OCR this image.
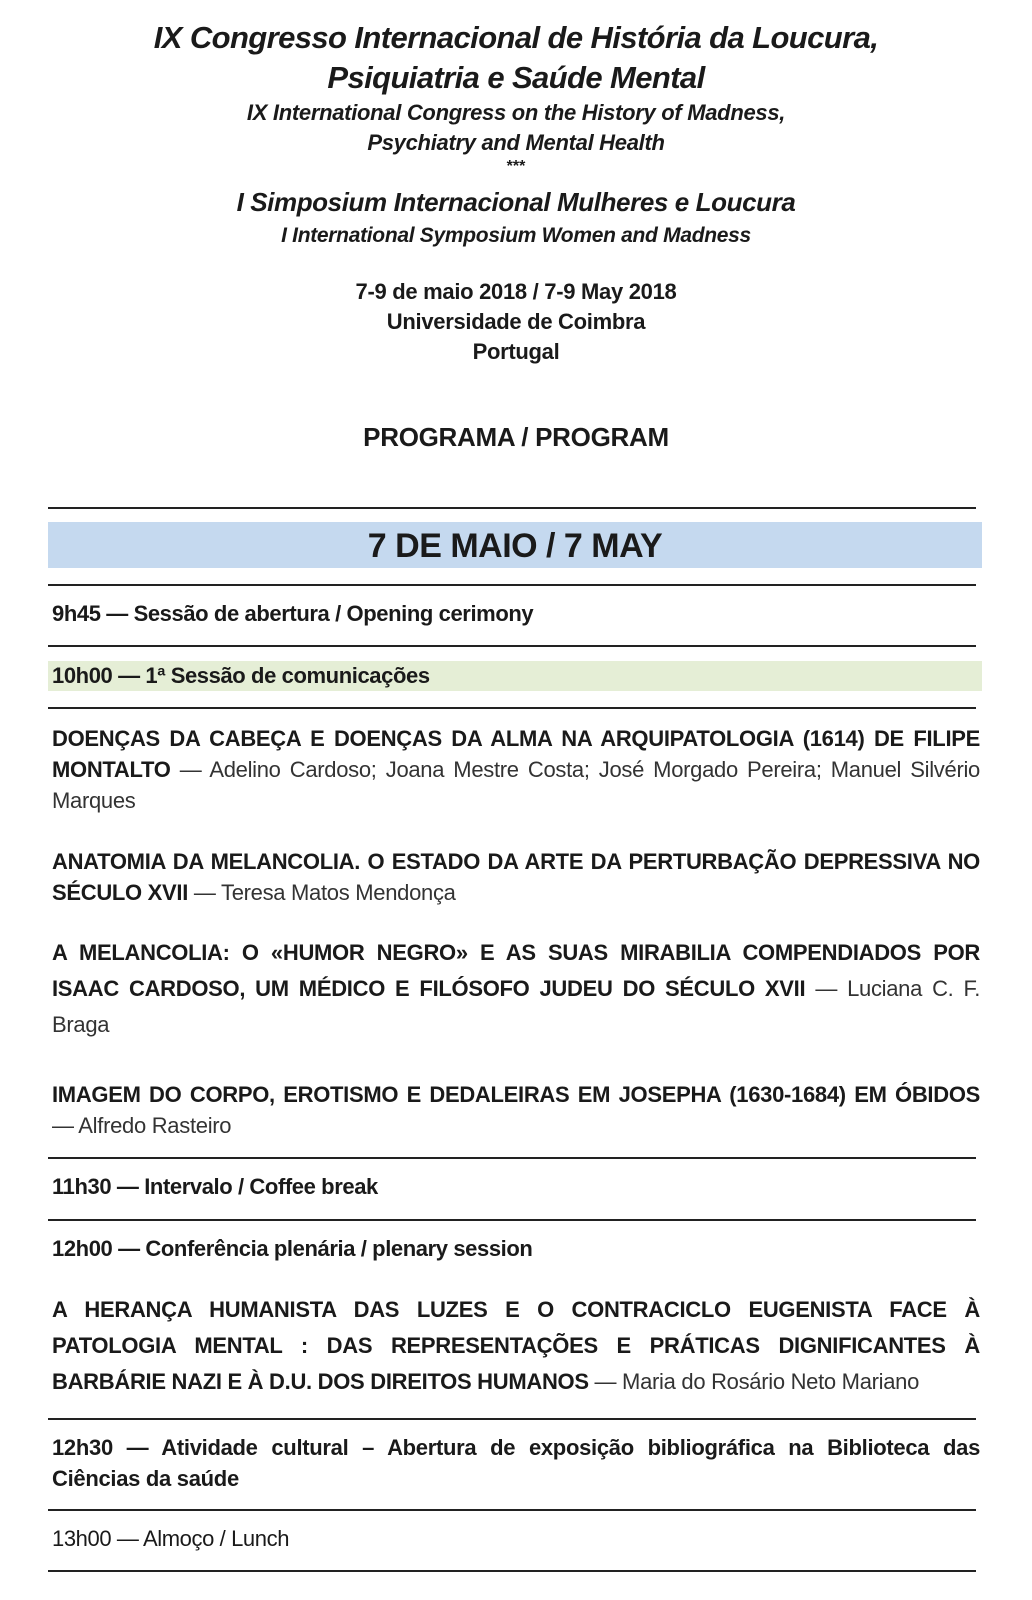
IX Congresso Internacional de História da Loucura,
Psiquiatria e Saúde Mental
IX International Congress on the History of Madness,
Psychiatry and Mental Health
***
I Simposium Internacional Mulheres e Loucura
I International Symposium Women and Madness
7-9 de maio 2018 / 7-9 May 2018
Universidade de Coimbra
Portugal
PROGRAMA / PROGRAM
7 DE MAIO / 7 MAY
9h45 — Sessão de abertura / Opening cerimony
10h00 — 1ª Sessão de comunicações
DOENÇAS DA CABEÇA E DOENÇAS DA ALMA NA ARQUIPATOLOGIA (1614) DE FILIPE MONTALTO — Adelino Cardoso; Joana Mestre Costa; José Morgado Pereira; Manuel Silvério Marques
ANATOMIA DA MELANCOLIA. O ESTADO DA ARTE DA PERTURBAÇÃO DEPRESSIVA NO SÉCULO XVII — Teresa Matos Mendonça
A MELANCOLIA: O «HUMOR NEGRO» E AS SUAS MIRABILIA COMPENDIADOS POR ISAAC CARDOSO, UM MÉDICO E FILÓSOFO JUDEU DO SÉCULO XVII — Luciana C. F. Braga
IMAGEM DO CORPO, EROTISMO E DEDALEIRAS EM JOSEPHA (1630-1684) EM ÓBIDOS — Alfredo Rasteiro
11h30 — Intervalo / Coffee break
12h00 — Conferência plenária / plenary session
A HERANÇA HUMANISTA DAS LUZES E O CONTRACICLO EUGENISTA FACE À PATOLOGIA MENTAL : DAS REPRESENTAÇÕES E PRÁTICAS DIGNIFICANTES À BARBÁRIE NAZI E À D.U. DOS DIREITOS HUMANOS — Maria do Rosário Neto Mariano
12h30 — Atividade cultural – Abertura de exposição bibliográfica na Biblioteca das Ciências da saúde
13h00 — Almoço / Lunch
